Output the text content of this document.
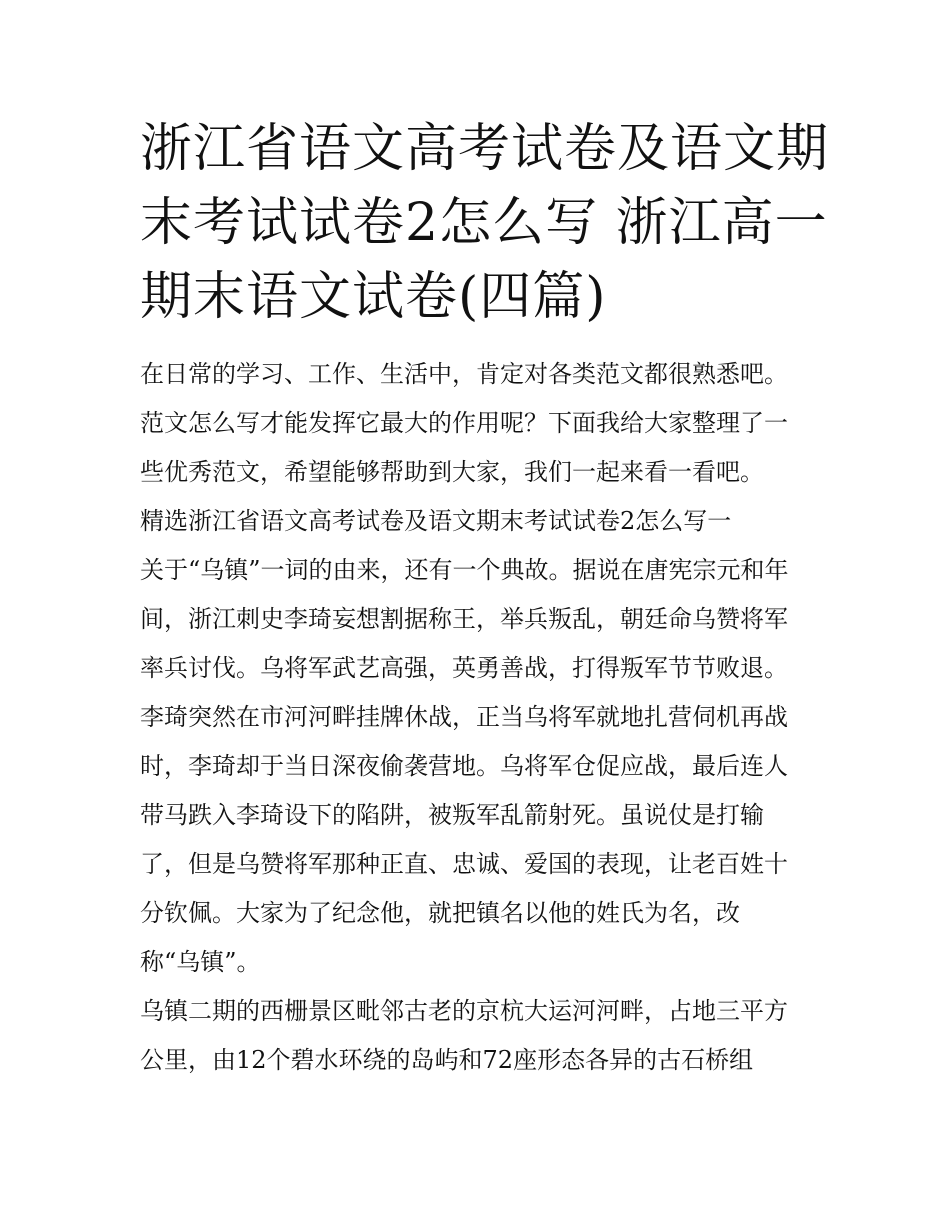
浙江省语文高考试卷及语文期
末考试试卷2怎么写 浙江高一
期末语文试卷(四篇)
在日常的学习、工作、生活中，肯定对各类范文都很熟悉吧。
范文怎么写才能发挥它最大的作用呢？下面我给大家整理了一
些优秀范文，希望能够帮助到大家，我们一起来看一看吧。
精选浙江省语文高考试卷及语文期末考试试卷2怎么写一
关于“乌镇”一词的由来，还有一个典故。据说在唐宪宗元和年
间，浙江刺史李琦妄想割据称王，举兵叛乱，朝廷命乌赞将军
率兵讨伐。乌将军武艺高强，英勇善战，打得叛军节节败退。
李琦突然在市河河畔挂牌休战，正当乌将军就地扎营伺机再战
时，李琦却于当日深夜偷袭营地。乌将军仓促应战，最后连人
带马跌入李琦设下的陷阱，被叛军乱箭射死。虽说仗是打输
了，但是乌赞将军那种正直、忠诚、爱国的表现，让老百姓十
分钦佩。大家为了纪念他，就把镇名以他的姓氏为名，改
称“乌镇”。
乌镇二期的西栅景区毗邻古老的京杭大运河河畔，占地三平方
公里，由12个碧水环绕的岛屿和72座形态各异的古石桥组
